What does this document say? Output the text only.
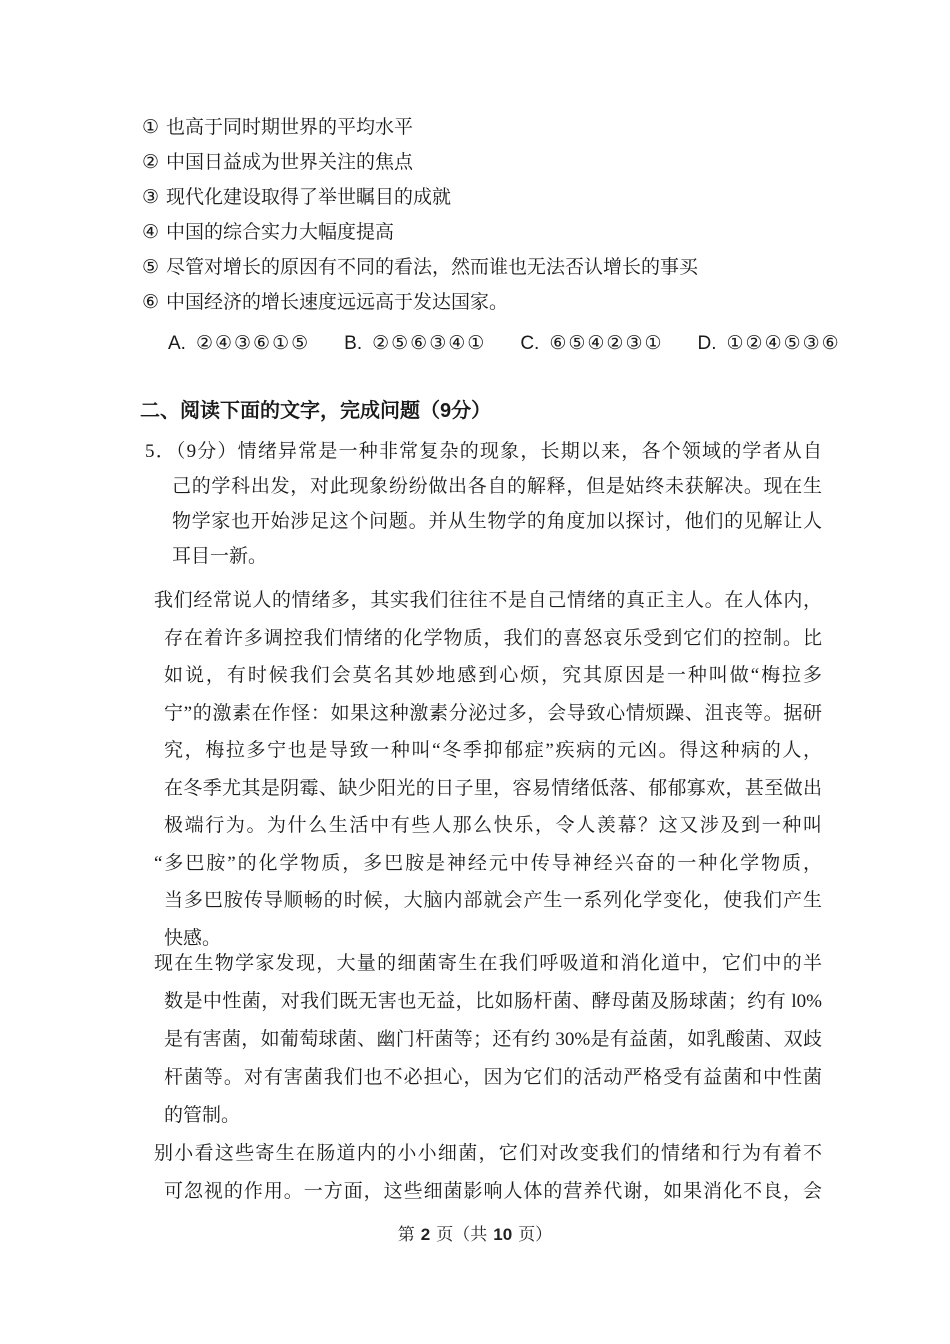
① 也高于同时期世界的平均水平
② 中国日益成为世界关注的焦点
③ 现代化建设取得了举世瞩目的成就
④ 中国的综合实力大幅度提高
⑤ 尽管对增长的原因有不同的看法，然而谁也无法否认增长的事买
⑥ 中国经济的增长速度远远高于发达国家。
A. ②④③⑥①⑤ B. ②⑤⑥③④① C. ⑥⑤④②③① D. ①②④⑤③⑥
二、阅读下面的文字，完成问题（9分）
5．（9分）情绪异常是一种非常复杂的现象，长期以来，各个领域的学者从自
己的学科出发，对此现象纷纷做出各自的解释，但是姑终未获解决。现在生
物学家也开始涉足这个问题。并从生物学的角度加以探讨，他们的见解让人
耳目一新。
我们经常说人的情绪多，其实我们往往不是自己情绪的真正主人。在人体内，
存在着许多调控我们情绪的化学物质，我们的喜怒哀乐受到它们的控制。比
如说，有时候我们会莫名其妙地感到心烦，究其原因是一种叫做“梅拉多
宁”的激素在作怪：如果这种激素分泌过多，会导致心情烦躁、沮丧等。据研
究，梅拉多宁也是导致一种叫“冬季抑郁症”疾病的元凶。得这种病的人，
在冬季尤其是阴霉、缺少阳光的日子里，容易情绪低落、郁郁寡欢，甚至做出
极端行为。为什么生活中有些人那么快乐，令人羡幕？这又涉及到一种叫
“多巴胺”的化学物质，多巴胺是神经元中传导神经兴奋的一种化学物质，
当多巴胺传导顺畅的时候，大脑内部就会产生一系列化学变化，使我们产生
快感。
现在生物学家发现，大量的细菌寄生在我们呼吸道和消化道中，它们中的半
数是中性菌，对我们既无害也无益，比如肠杆菌、酵母菌及肠球菌；约有 l0%
是有害菌，如葡萄球菌、幽门杆菌等；还有约 30%是有益菌，如乳酸菌、双歧
杆菌等。对有害菌我们也不必担心，因为它们的活动严格受有益菌和中性菌
的管制。
别小看这些寄生在肠道内的小小细菌，它们对改变我们的情绪和行为有着不
可忽视的作用。一方面，这些细菌影响人体的营养代谢，如果消化不良，会
第 2 页（共 10 页）
